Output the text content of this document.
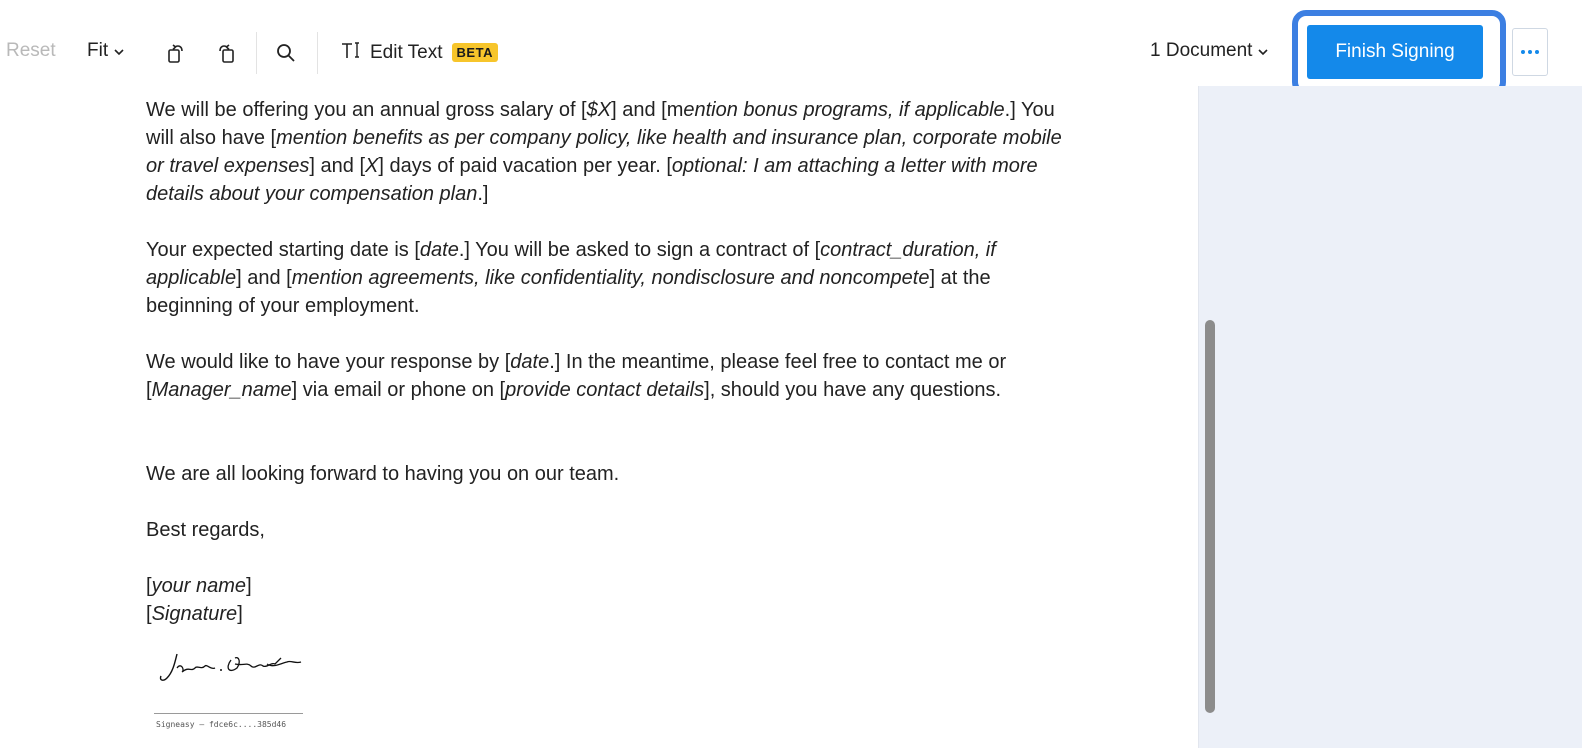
Reset Fit	Edit Text	BETA	1 Document	Finish Signing

We will be offering you an annual gross salary of [$X] and [mention bonus programs, if applicable.] You will also have [mention benefits as per company policy, like health and insurance plan, corporate mobile or travel expenses] and [X] days of paid vacation per year. [optional: I am attaching a letter with more details about your compensation plan.]

Your expected starting date is [date.] You will be asked to sign a contract of [contract_duration, if applicable] and [mention agreements, like confidentiality, nondisclosure and noncompete] at the beginning of your employment.

We would like to have your response by [date.] In the meantime, please feel free to contact me or [Manager_name] via email or phone on [provide contact details], should you have any questions.

We are all looking forward to having you on our team.

Best regards,

[your name]

[Signature]

Signeasy – fdce6c....385d46
